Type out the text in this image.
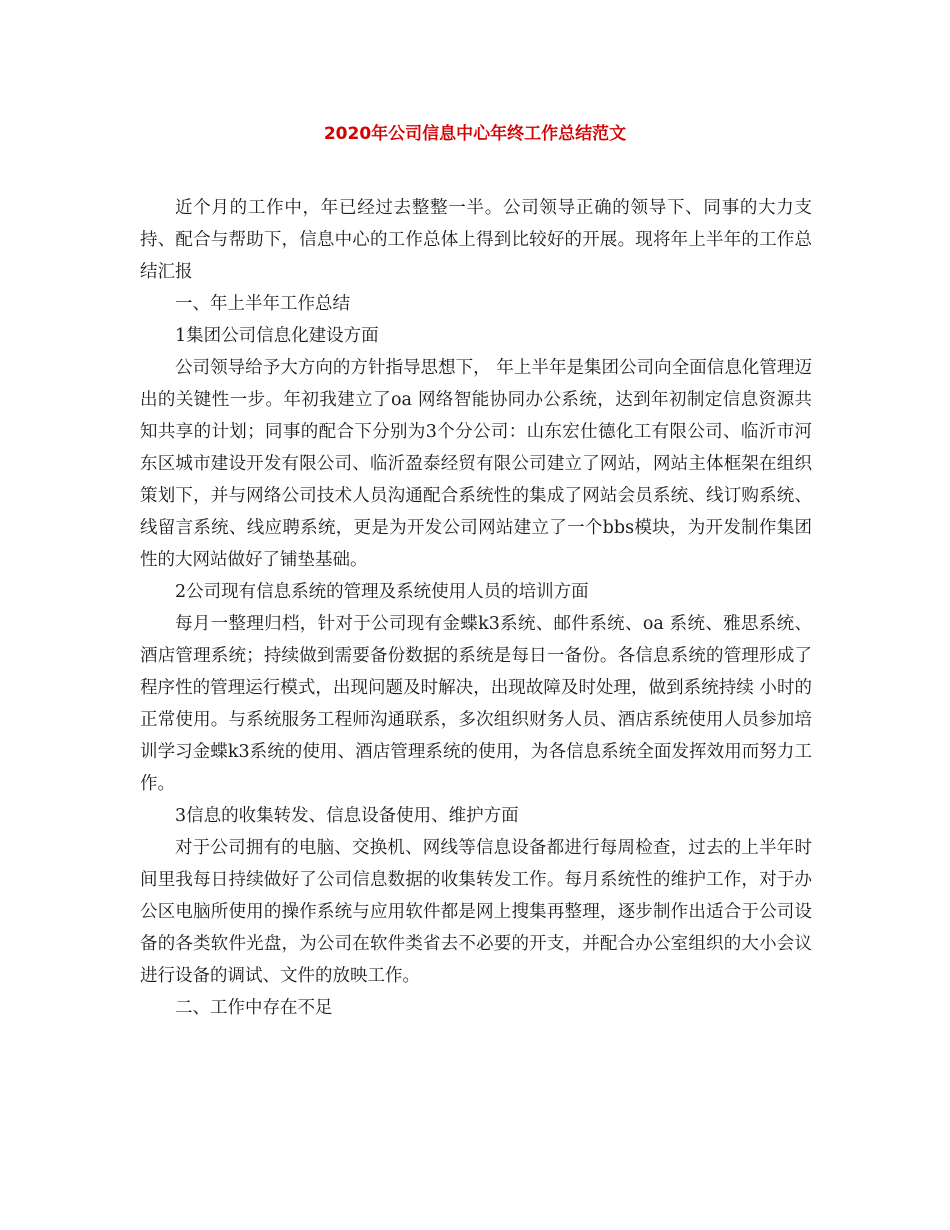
2020年公司信息中心年终工作总结范文

近个月的工作中，年已经过去整整一半。公司领导正确的领导下、同事的大力支持、配合与帮助下，信息中心的工作总体上得到比较好的开展。现将年上半年的工作总结汇报

一、年上半年工作总结

1集团公司信息化建设方面

公司领导给予大方向的方针指导思想下， 年上半年是集团公司向全面信息化管理迈出的关键性一步。年初我建立了oa 网络智能协同办公系统，达到年初制定信息资源共知共享的计划；同事的配合下分别为3个分公司：山东宏仕德化工有限公司、临沂市河东区城市建设开发有限公司、临沂盈泰经贸有限公司建立了网站，网站主体框架在组织策划下，并与网络公司技术人员沟通配合系统性的集成了网站会员系统、线订购系统、线留言系统、线应聘系统，更是为开发公司网站建立了一个bbs模块，为开发制作集团性的大网站做好了铺垫基础。

2公司现有信息系统的管理及系统使用人员的培训方面

每月一整理归档，针对于公司现有金蝶k3系统、邮件系统、oa 系统、雅思系统、酒店管理系统；持续做到需要备份数据的系统是每日一备份。各信息系统的管理形成了程序性的管理运行模式，出现问题及时解决，出现故障及时处理，做到系统持续 小时的正常使用。与系统服务工程师沟通联系，多次组织财务人员、酒店系统使用人员参加培训学习金蝶k3系统的使用、酒店管理系统的使用，为各信息系统全面发挥效用而努力工作。

3信息的收集转发、信息设备使用、维护方面

对于公司拥有的电脑、交换机、网线等信息设备都进行每周检查，过去的上半年时间里我每日持续做好了公司信息数据的收集转发工作。每月系统性的维护工作，对于办公区电脑所使用的操作系统与应用软件都是网上搜集再整理，逐步制作出适合于公司设备的各类软件光盘，为公司在软件类省去不必要的开支，并配合办公室组织的大小会议进行设备的调试、文件的放映工作。

二、工作中存在不足
